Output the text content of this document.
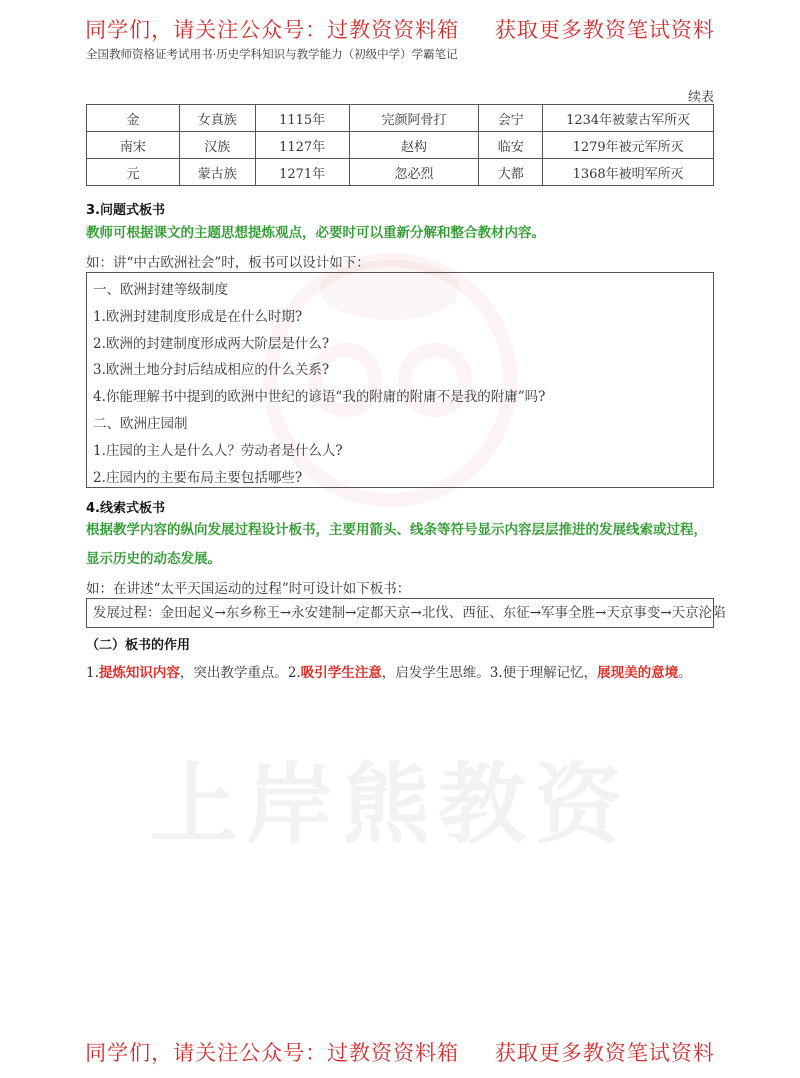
同学们，请关注公众号：过教资资料箱 获取更多教资笔试资料
全国教师资格证考试用书·历史学科知识与教学能力（初级中学）学霸笔记
续表
金	女真族	1115年	完颜阿骨打	会宁	1234年被蒙古军所灭
南宋	汉族	1127年	赵构	临安	1279年被元军所灭
元	蒙古族	1271年	忽必烈	大都	1368年被明军所灭
3.问题式板书
教师可根据课文的主题思想提炼观点，必要时可以重新分解和整合教材内容。
如：讲“中古欧洲社会”时，板书可以设计如下：
一、欧洲封建等级制度
1.欧洲封建制度形成是在什么时期?
2.欧洲的封建制度形成两大阶层是什么?
3.欧洲土地分封后结成相应的什么关系?
4.你能理解书中提到的欧洲中世纪的谚语“我的附庸的附庸不是我的附庸”吗?
二、欧洲庄园制
1.庄园的主人是什么人？劳动者是什么人?
2.庄园内的主要布局主要包括哪些?
4.线索式板书
根据教学内容的纵向发展过程设计板书，主要用箭头、线条等符号显示内容层层推进的发展线索或过程，显示历史的动态发展。
如：在讲述“太平天国运动的过程”时可设计如下板书：
发展过程：金田起义→东乡称王→永安建制→定都天京→北伐、西征、东征→军事全胜→天京事变→天京沦陷
（二）板书的作用
1.提炼知识内容，突出教学重点。2.吸引学生注意，启发学生思维。3.便于理解记忆，展现美的意境。
上岸熊教资
同学们，请关注公众号：过教资资料箱 获取更多教资笔试资料
